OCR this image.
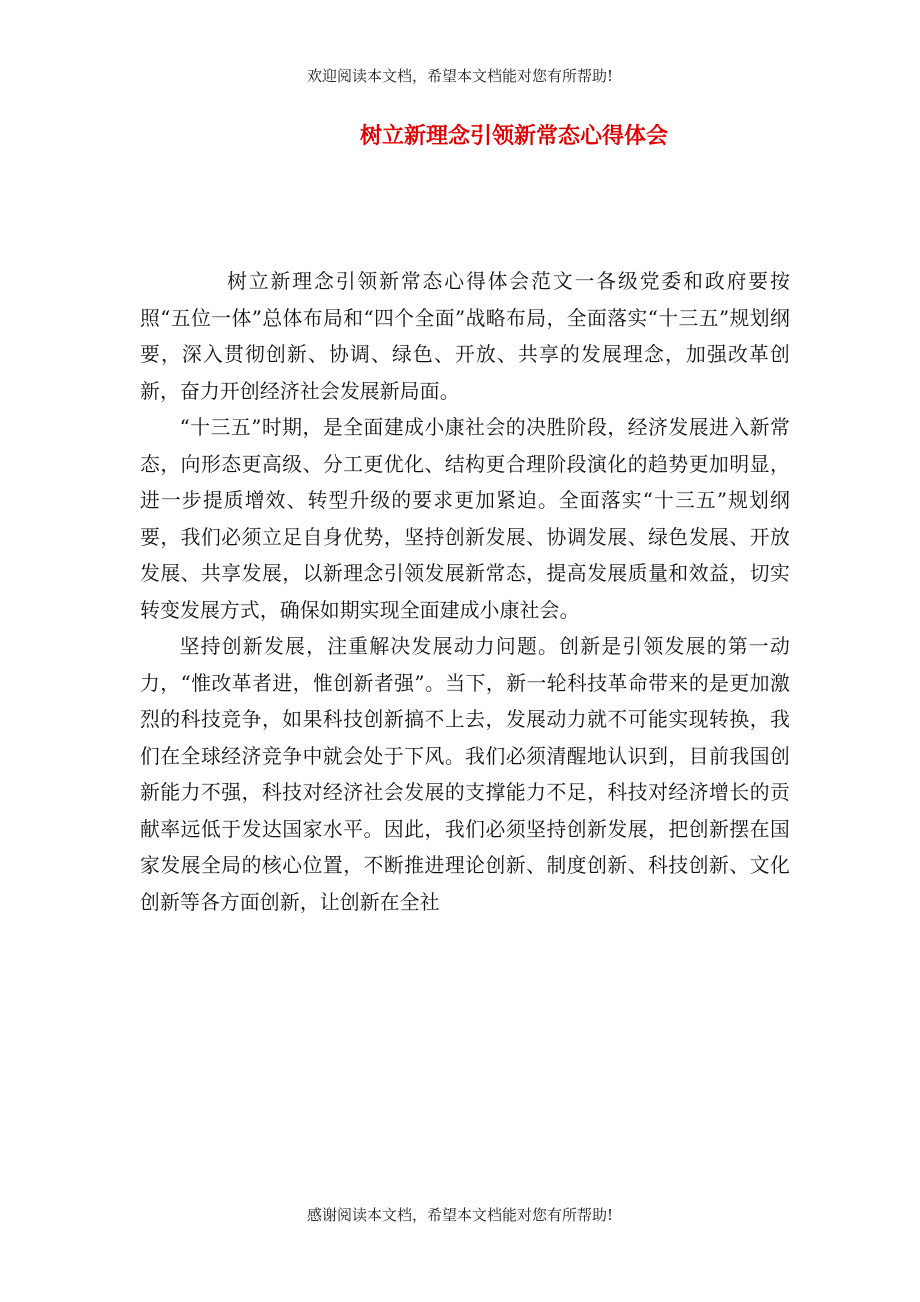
欢迎阅读本文档，希望本文档能对您有所帮助!
树立新理念引领新常态心得体会

树立新理念引领新常态心得体会范文一各级党委和政府要按照“五位一体”总体布局和“四个全面”战略布局，全面落实“十三五”规划纲要，深入贯彻创新、协调、绿色、开放、共享的发展理念，加强改革创新，奋力开创经济社会发展新局面。

“十三五”时期，是全面建成小康社会的决胜阶段，经济发展进入新常态，向形态更高级、分工更优化、结构更合理阶段演化的趋势更加明显，进一步提质增效、转型升级的要求更加紧迫。全面落实“十三五”规划纲要，我们必须立足自身优势，坚持创新发展、协调发展、绿色发展、开放发展、共享发展，以新理念引领发展新常态，提高发展质量和效益，切实转变发展方式，确保如期实现全面建成小康社会。

坚持创新发展，注重解决发展动力问题。创新是引领发展的第一动力，“惟改革者进，惟创新者强”。当下，新一轮科技革命带来的是更加激烈的科技竞争，如果科技创新搞不上去，发展动力就不可能实现转换，我们在全球经济竞争中就会处于下风。我们必须清醒地认识到，目前我国创新能力不强，科技对经济社会发展的支撑能力不足，科技对经济增长的贡献率远低于发达国家水平。因此，我们必须坚持创新发展，把创新摆在国家发展全局的核心位置，不断推进理论创新、制度创新、科技创新、文化创新等各方面创新，让创新在全社

感谢阅读本文档，希望本文档能对您有所帮助!
